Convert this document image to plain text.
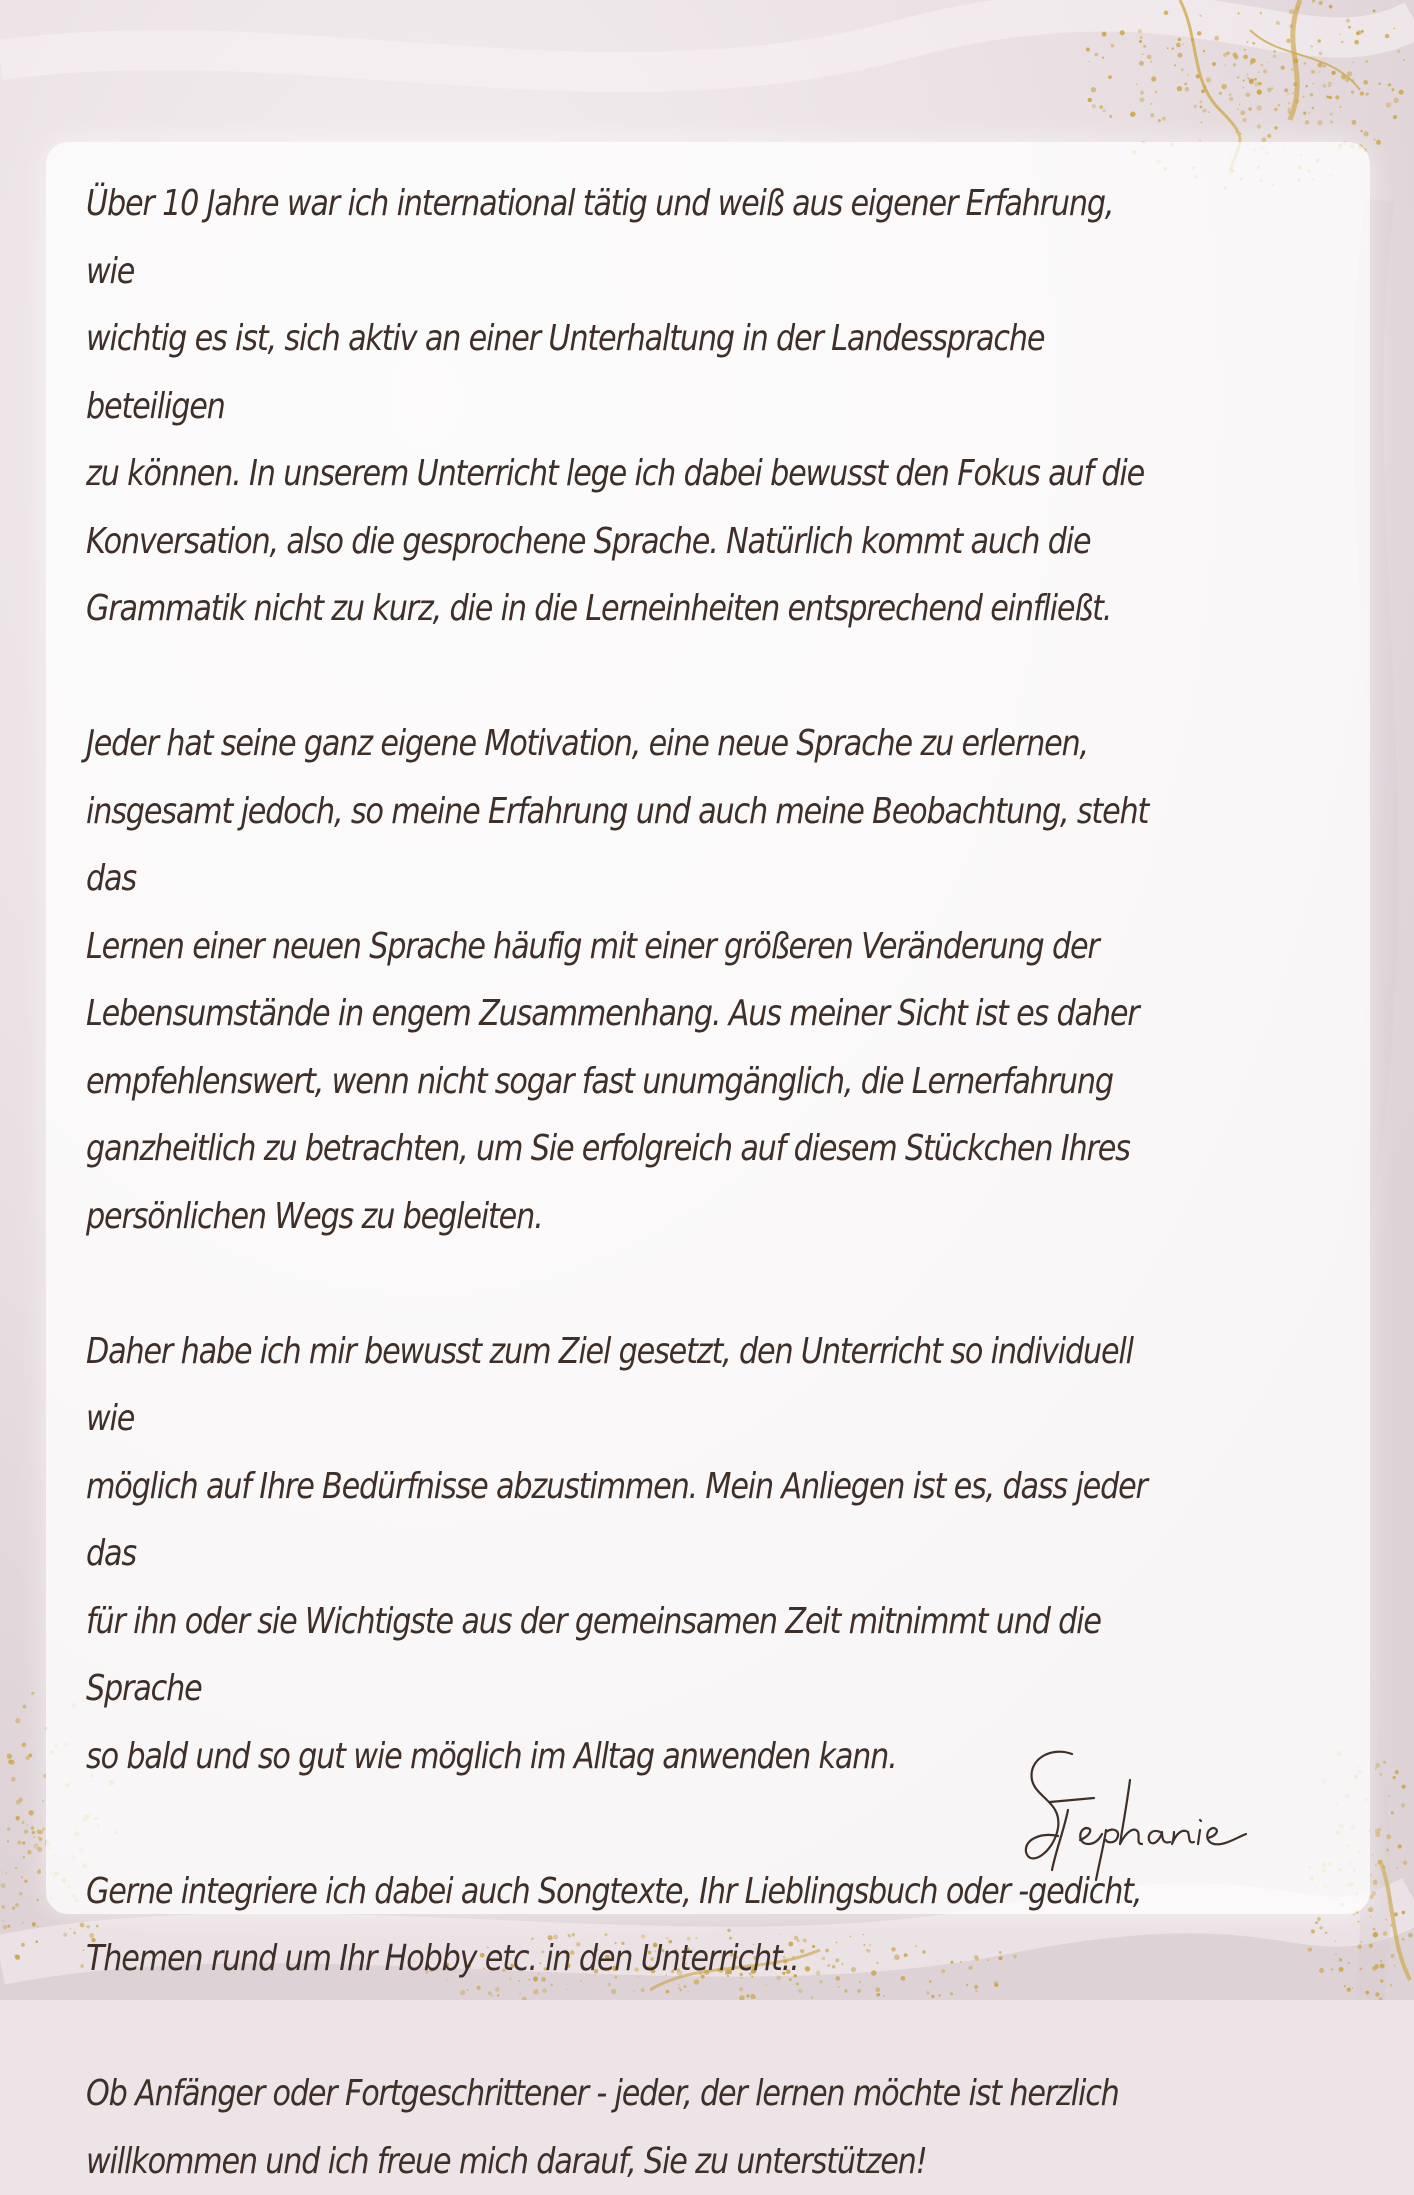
Über 10 Jahre war ich international tätig und weiß aus eigener Erfahrung, wie
wichtig es ist, sich aktiv an einer Unterhaltung in der Landessprache beteiligen
zu können. In unserem Unterricht lege ich dabei bewusst den Fokus auf die
Konversation, also die gesprochene Sprache. Natürlich kommt auch die
Grammatik nicht zu kurz, die in die Lerneinheiten entsprechend einfließt.

Jeder hat seine ganz eigene Motivation, eine neue Sprache zu erlernen,
insgesamt jedoch, so meine Erfahrung und auch meine Beobachtung, steht das
Lernen einer neuen Sprache häufig mit einer größeren Veränderung der
Lebensumstände in engem Zusammenhang. Aus meiner Sicht ist es daher
empfehlenswert, wenn nicht sogar fast unumgänglich, die Lernerfahrung
ganzheitlich zu betrachten, um Sie erfolgreich auf diesem Stückchen Ihres
persönlichen Wegs zu begleiten.

Daher habe ich mir bewusst zum Ziel gesetzt, den Unterricht so individuell wie
möglich auf Ihre Bedürfnisse abzustimmen. Mein Anliegen ist es, dass jeder das
für ihn oder sie Wichtigste aus der gemeinsamen Zeit mitnimmt und die Sprache
so bald und so gut wie möglich im Alltag anwenden kann.

Gerne integriere ich dabei auch Songtexte, Ihr Lieblingsbuch oder -gedicht,
Themen rund um Ihr Hobby etc. in den Unterricht..

Ob Anfänger oder Fortgeschrittener - jeder, der lernen möchte ist herzlich
willkommen und ich freue mich darauf, Sie zu unterstützen!
